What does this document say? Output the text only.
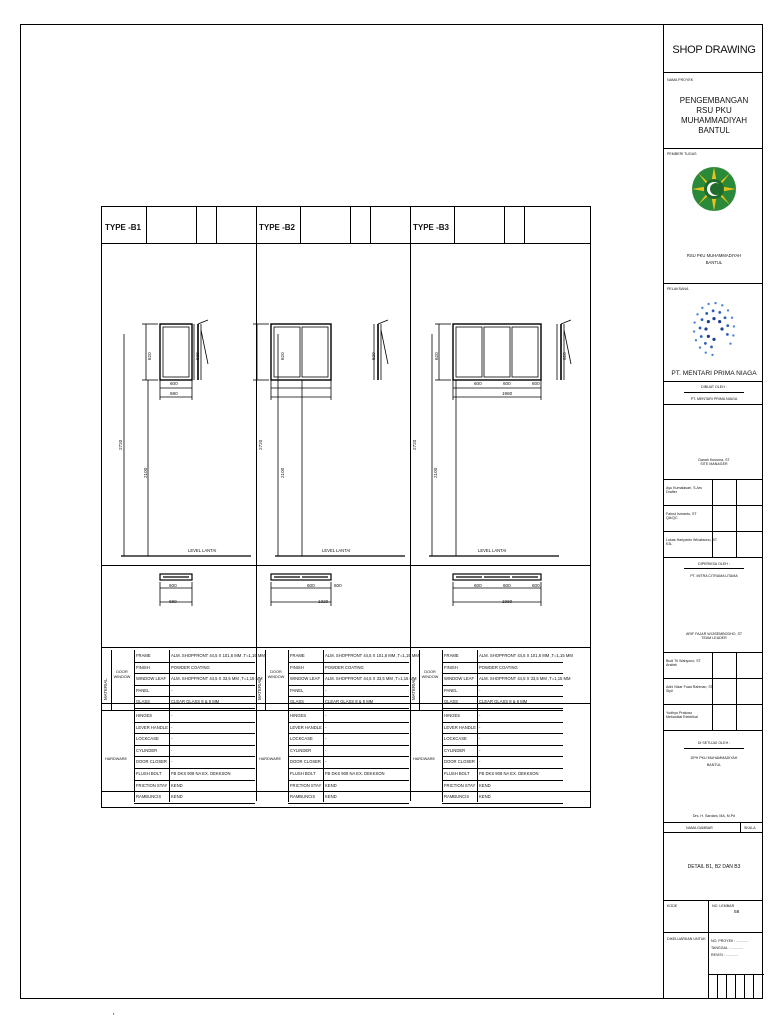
SHOP DRAWING
NAMA PROYEK
PENGEMBANGAN
RSU PKU MUHAMMADIYAH
BANTUL
PEMBERI TUGAS
RSU PKU MUHAMMADIYAH
BANTUL
PELAKSANA
PT. MENTARI PRIMA NIAGA
DIBUAT OLEH :
PT. MENTARI PRIMA NIAGA
Danah Kusuma, ST
SITE MANAGER
Ayu Kumalasari, S.Ars
Drafter
Fahrul Ismanto, ST
QA/QC
Lukas Hariyanto Wicaksono, ST
K3L
DIPERIKSA OLEH :
PT. MITRA CITRAMA UTAMA
ARIF FAJAR WIJISEMBODHO, ST
TEAM LEADER
Budi Tri Wahyono, ST
Arsitek
Adhi Nizar Fuad Rahman, ST
Sipil
Yudhyo Prakoso
Mekanikal Elektrikal
DI SETUJUI OLEH :
DPH PKU MUHAMMADIYAH
BANTUL
Drs. H. Sardani, MA, M.Pd
NAMA GAMBAR	SKALA
DETAIL B1, B2 DAN B3
KODE	NO. LEMBAR
58
DIKELUARKAN UNTUK NO. PROYEK : ............
TANGGAL : ............
REVISI : ............
TYPE -B1	TYPE -B2	TYPE -B3
620	620
2720
2100
600
680
LEVEL LANTAI
600
680
620	620
2720
2100
LEVEL LANTAI
600	600
1320
620	620
2720
2100
600	600	600
1960
LEVEL LANTAI
600	600	600
1960
MATERIAL
DOOR WINDOW
HARDWARE
FRAME	ALM. SHOPFRONT 44,5 X 101,6 MM ,T=1,15 MM
FINISH	POWDER COATING
WINDOW LEAF ALM. SHOPFRONT 44,5 X 33,5 MM ,T=1,15 MM
PANEL	-
GLASS	CLEAR GLASS 8 & 6 MM
HINGES	-
LEVER HANDLE -
LOCKCASE	-
CYLINDER	-
DOOR CLOSER -
FLUSH BOLT FB DKS 908 NA EX. DEKKSON
FRICTION STAY KEND
RAMBUNCIS KEND
MATERIAL
DOOR WINDOW
HARDWARE
FRAME	ALM. SHOPFRONT 44,5 X 101,6 MM ,T=1,15 MM
FINISH	POWDER COATING
WINDOW LEAF ALM. SHOPFRONT 44,5 X 33,5 MM ,T=1,15 MM
PANEL	-
GLASS	CLEAR GLASS 8 & 6 MM
HINGES	-
LEVER HANDLE -
LOCKCASE	-
CYLINDER	-
DOOR CLOSER -
FLUSH BOLT FB DKS 908 NA EX. DEKKSON
FRICTION STAY KEND
RAMBUNCIS KEND
MATERIAL
DOOR WINDOW
HARDWARE
FRAME	ALM. SHOPFRONT 44,5 X 101,6 MM ,T=1,15 MM
FINISH	POWDER COATING
WINDOW LEAF ALM. SHOPFRONT 44,5 X 33,5 MM ,T=1,15 MM
PANEL	-
GLASS	CLEAR GLASS 8 & 6 MM
HINGES	-
LEVER HANDLE -
LOCKCASE	-
CYLINDER	-
DOOR CLOSER -
FLUSH BOLT FB DKS 908 NA EX. DEKKSON
FRICTION STAY KEND
RAMBUNCIS KEND
'
